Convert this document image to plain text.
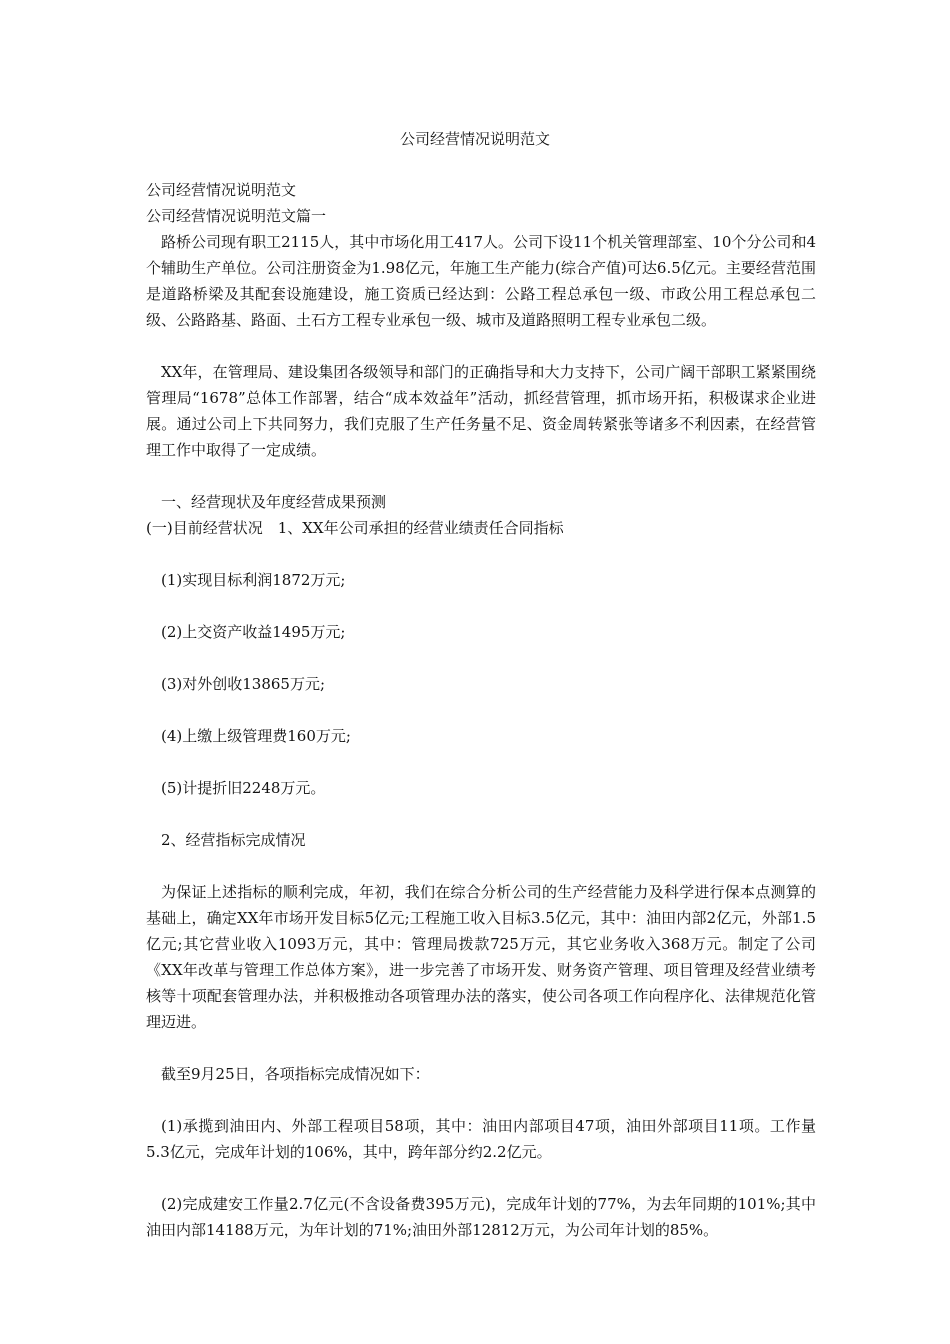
公司经营情况说明范文

公司经营情况说明范文

公司经营情况说明范文篇一

路桥公司现有职工2115人，其中市场化用工417人。公司下设11个机关管理部室、10个分公司和4个辅助生产单位。公司注册资金为1.98亿元，年施工生产能力(综合产值)可达6.5亿元。主要经营范围是道路桥梁及其配套设施建设，施工资质已经达到：公路工程总承包一级、市政公用工程总承包二级、公路路基、路面、土石方工程专业承包一级、城市及道路照明工程专业承包二级。

XX年，在管理局、建设集团各级领导和部门的正确指导和大力支持下，公司广阔干部职工紧紧围绕管理局“1678”总体工作部署，结合“成本效益年”活动，抓经营管理，抓市场开拓，积极谋求企业进展。通过公司上下共同努力，我们克服了生产任务量不足、资金周转紧张等诸多不利因素，在经营管理工作中取得了一定成绩。

一、经营现状及年度经营成果预测

(一)目前经营状况　1、XX年公司承担的经营业绩责任合同指标

(1)实现目标利润1872万元;

(2)上交资产收益1495万元;

(3)对外创收13865万元;

(4)上缴上级管理费160万元;

(5)计提折旧2248万元。

2、经营指标完成情况

为保证上述指标的顺利完成，年初，我们在综合分析公司的生产经营能力及科学进行保本点测算的基础上，确定XX年市场开发目标5亿元;工程施工收入目标3.5亿元，其中：油田内部2亿元，外部1.5亿元;其它营业收入1093万元，其中：管理局拨款725万元，其它业务收入368万元。制定了公司《XX年改革与管理工作总体方案》，进一步完善了市场开发、财务资产管理、项目管理及经营业绩考核等十项配套管理办法，并积极推动各项管理办法的落实，使公司各项工作向程序化、法律规范化管理迈进。

截至9月25日，各项指标完成情况如下：

(1)承揽到油田内、外部工程项目58项，其中：油田内部项目47项，油田外部项目11项。工作量5.3亿元，完成年计划的106%，其中，跨年部分约2.2亿元。

(2)完成建安工作量2.7亿元(不含设备费395万元)，完成年计划的77%，为去年同期的101%;其中油田内部14188万元，为年计划的71%;油田外部12812万元，为公司年计划的85%。
